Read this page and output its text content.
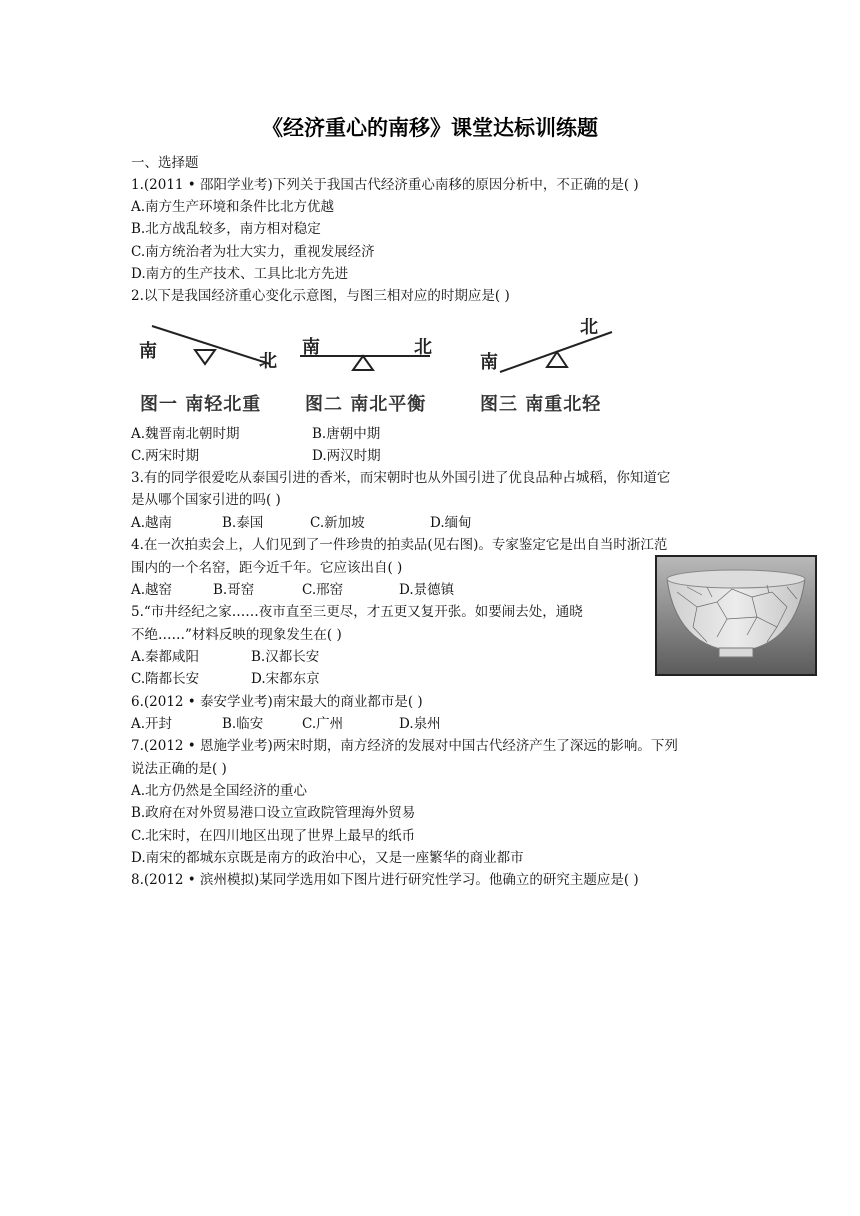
《经济重心的南移》课堂达标训练题
一、选择题
1.(2011 • 邵阳学业考)下列关于我国古代经济重心南移的原因分析中，不正确的是( )
A.南方生产环境和条件比北方优越
B.北方战乱较多，南方相对稳定
C.南方统治者为壮大实力，重视发展经济
D.南方的生产技术、工具比北方先进
2.以下是我国经济重心变化示意图，与图三相对应的时期应是( )
南	北
南	北
南
北
图一 南轻北重 图二 南北平衡	图三 南重北轻
A.魏晋南北朝时期	B.唐朝中期
C.两宋时期	D.两汉时期
3.有的同学很爱吃从泰国引进的香米，而宋朝时也从外国引进了优良品种占城稻，你知道它
是从哪个国家引进的吗( )
A.越南	B.泰国	C.新加坡	D.缅甸
4.在一次拍卖会上，人们见到了一件珍贵的拍卖品(见右图)。专家鉴定它是出自当时浙江范
围内的一个名窑，距今近千年。它应该出自( )
A.越窑	B.哥窑	C.邢窑	D.景德镇
5.“市井经纪之家……夜市直至三更尽，才五更又复开张。如要闹去处，通晓
不绝……”材料反映的现象发生在( )
A.秦都咸阳	B.汉都长安
C.隋都长安	D.宋都东京
6.(2012 • 泰安学业考)南宋最大的商业都市是( )
A.开封	B.临安	C.广州	D.泉州
7.(2012 • 恩施学业考)两宋时期，南方经济的发展对中国古代经济产生了深远的影响。下列
说法正确的是( )
A.北方仍然是全国经济的重心
B.政府在对外贸易港口设立宣政院管理海外贸易
C.北宋时，在四川地区出现了世界上最早的纸币
D.南宋的都城东京既是南方的政治中心，又是一座繁华的商业都市
8.(2012 • 滨州模拟)某同学选用如下图片进行研究性学习。他确立的研究主题应是( )
